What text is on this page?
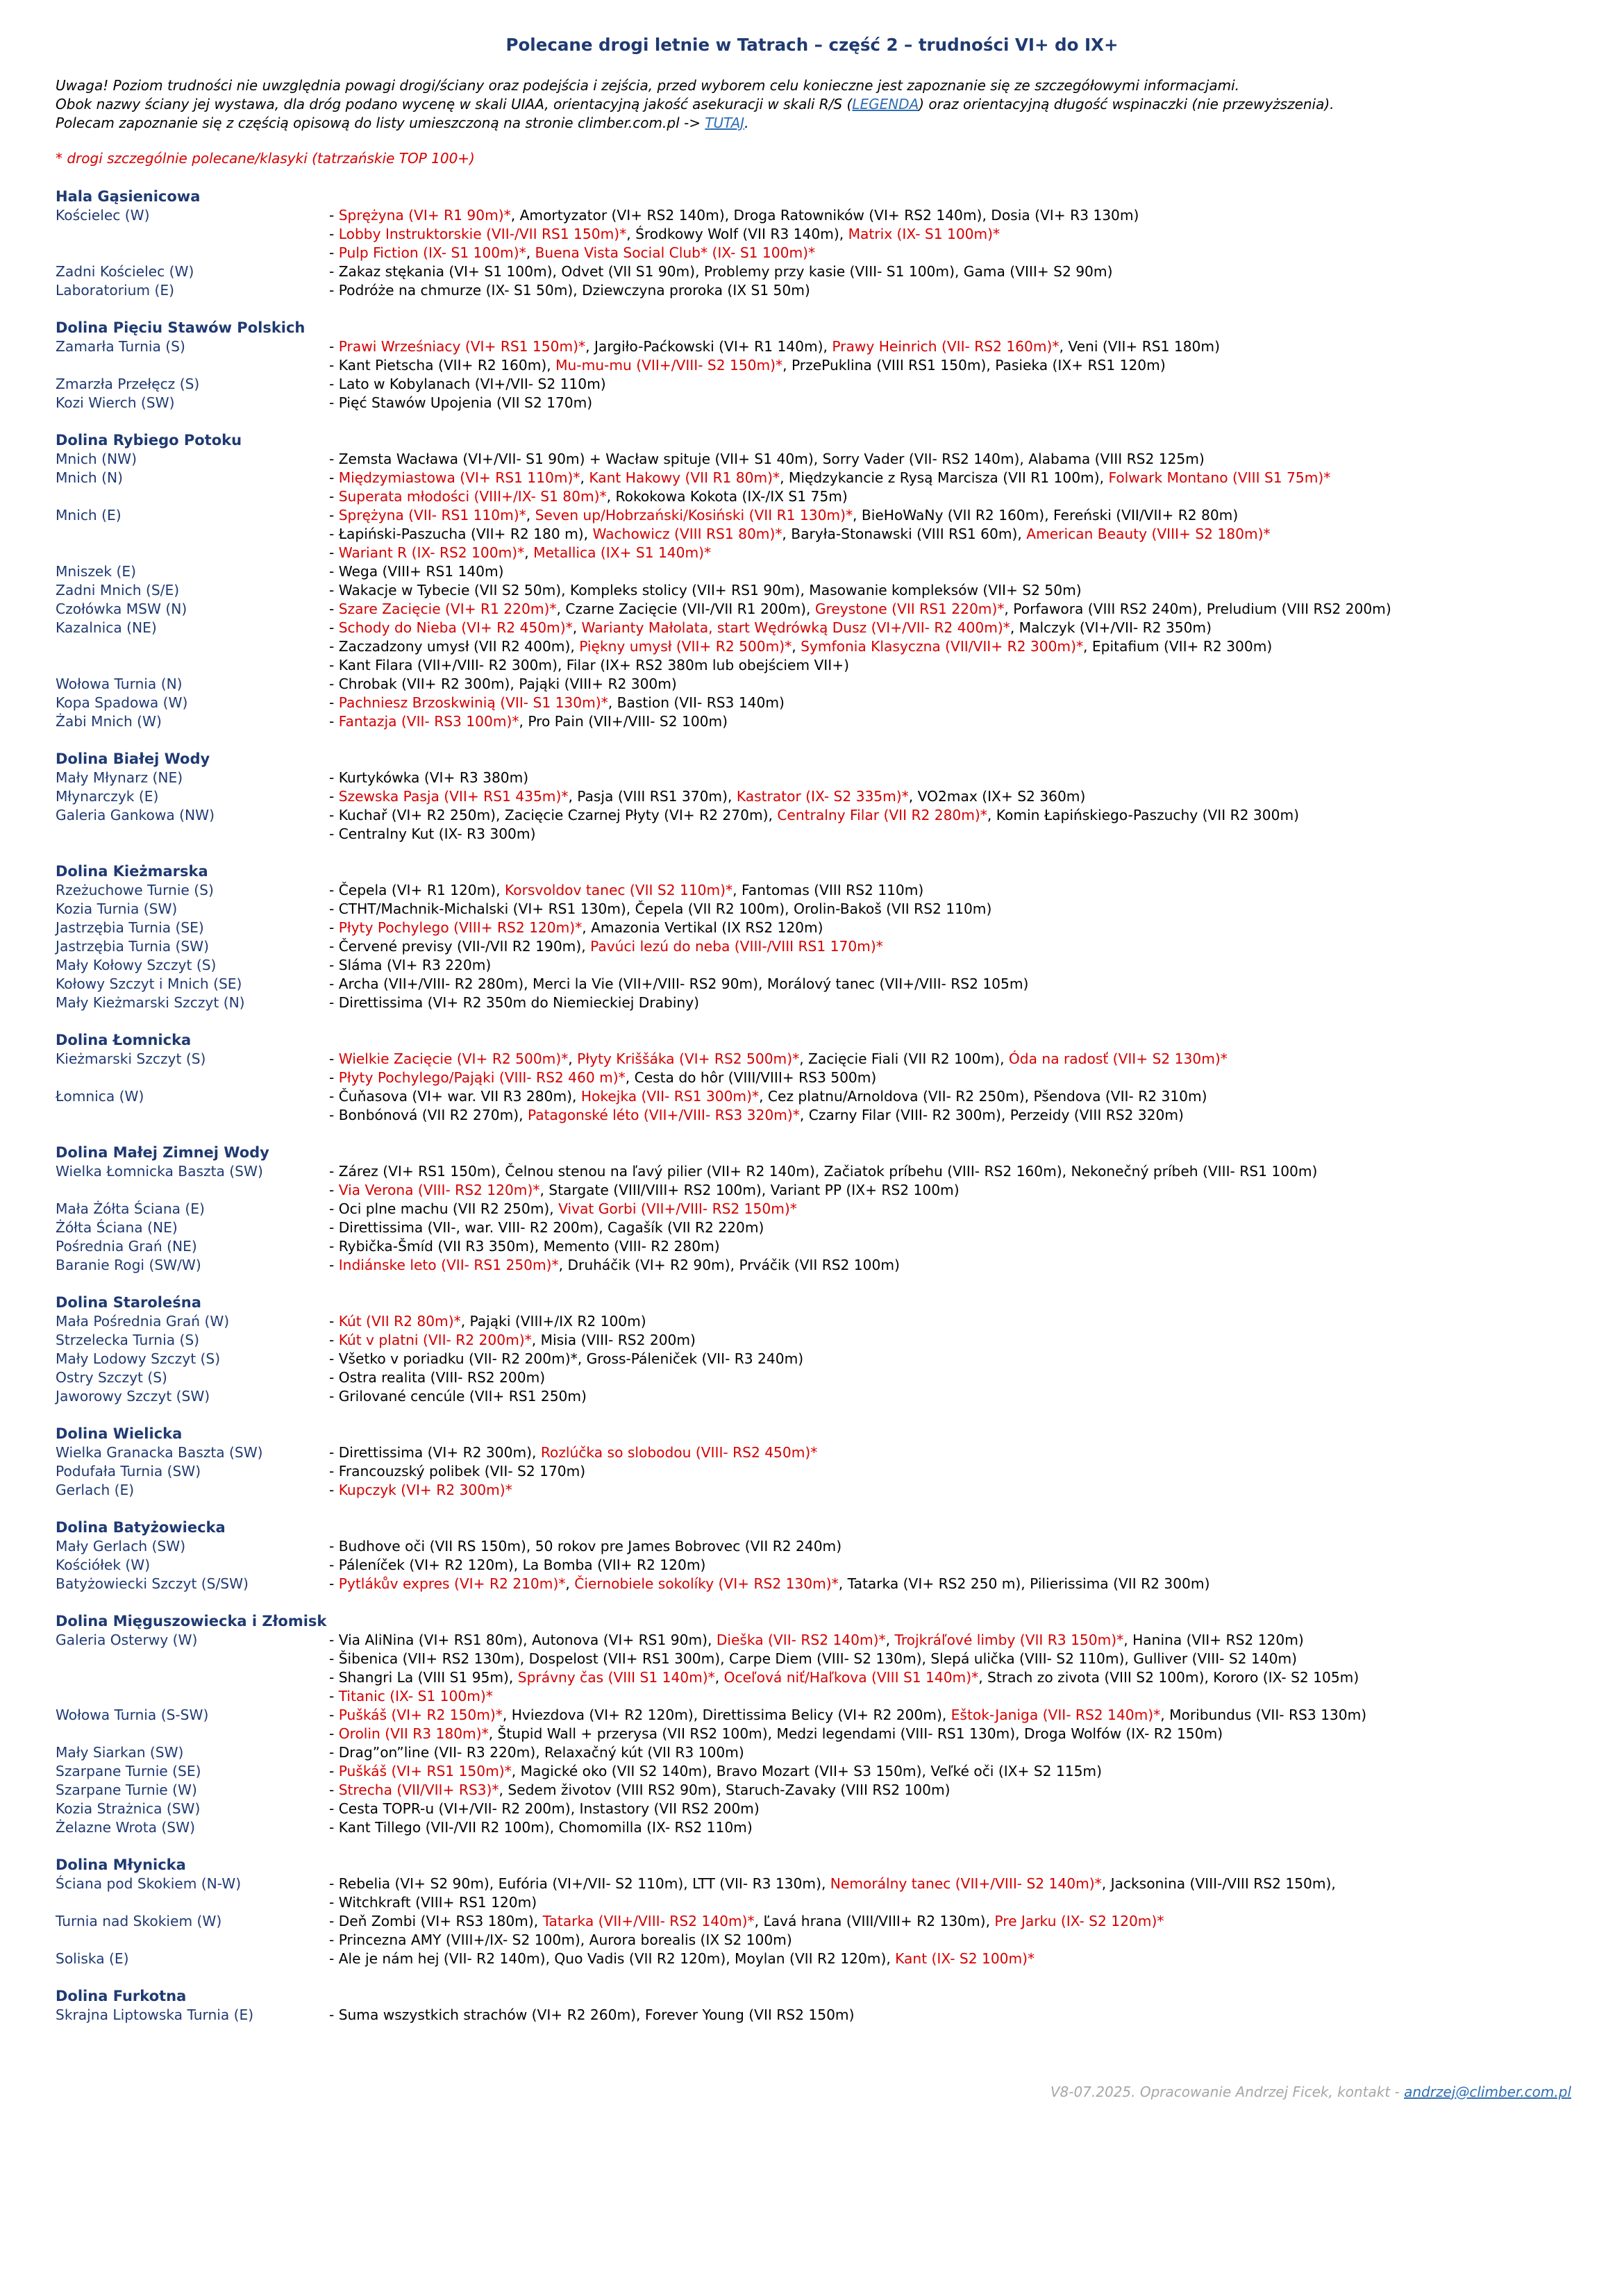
Polecane drogi letnie w Tatrach – część 2 – trudności VI+ do IX+
Uwaga! Poziom trudności nie uwzględnia powagi drogi/ściany oraz podejścia i zejścia, przed wyborem celu konieczne jest zapoznanie się ze szczegółowymi informacjami.
Obok nazwy ściany jej wystawa, dla dróg podano wycenę w skali UIAA, orientacyjną jakość asekuracji w skali R/S (LEGENDA) oraz orientacyjną długość wspinaczki (nie przewyższenia).
Polecam zapoznanie się z częścią opisową do listy umieszczoną na stronie climber.com.pl -> TUTAJ.
* drogi szczególnie polecane/klasyki (tatrzańskie TOP 100+)
Hala Gąsienicowa
Kościelec (W)	- Sprężyna (VI+ R1 90m)*, Amortyzator (VI+ RS2 140m), Droga Ratowników (VI+ RS2 140m), Dosia (VI+ R3 130m)
- Lobby Instruktorskie (VII-/VII RS1 150m)*, Środkowy Wolf (VII R3 140m), Matrix (IX- S1 100m)*
- Pulp Fiction (IX- S1 100m)*, Buena Vista Social Club* (IX- S1 100m)*
Zadni Kościelec (W)	- Zakaz stękania (VI+ S1 100m), Odvet (VII S1 90m), Problemy przy kasie (VIII- S1 100m), Gama (VIII+ S2 90m)
Laboratorium (E)	- Podróże na chmurze (IX- S1 50m), Dziewczyna proroka (IX S1 50m)
Dolina Pięciu Stawów Polskich
Zamarła Turnia (S)	- Prawi Wrześniacy (VI+ RS1 150m)*, Jargiło-Paćkowski (VI+ R1 140m), Prawy Heinrich (VII- RS2 160m)*, Veni (VII+ RS1 180m)
- Kant Pietscha (VII+ R2 160m), Mu-mu-mu (VII+/VIII- S2 150m)*, PrzePuklina (VIII RS1 150m), Pasieka (IX+ RS1 120m)
Zmarzła Przełęcz (S)	- Lato w Kobylanach (VI+/VII- S2 110m)
Kozi Wierch (SW)	- Pięć Stawów Upojenia (VII S2 170m)
Dolina Rybiego Potoku
Mnich (NW)	- Zemsta Wacława (VI+/VII- S1 90m) + Wacław spituje (VII+ S1 40m), Sorry Vader (VII- RS2 140m), Alabama (VIII RS2 125m)
Mnich (N)	- Międzymiastowa (VI+ RS1 110m)*, Kant Hakowy (VII R1 80m)*, Międzykancie z Rysą Marcisza (VII R1 100m), Folwark Montano (VIII S1 75m)*
- Superata młodości (VIII+/IX- S1 80m)*, Rokokowa Kokota (IX-/IX S1 75m)
Mnich (E)	- Sprężyna (VII- RS1 110m)*, Seven up/Hobrzański/Kosiński (VII R1 130m)*, BieHoWaNy (VII R2 160m), Fereński (VII/VII+ R2 80m)
- Łapiński-Paszucha (VII+ R2 180 m), Wachowicz (VIII RS1 80m)*, Baryła-Stonawski (VIII RS1 60m), American Beauty (VIII+ S2 180m)*
- Wariant R (IX- RS2 100m)*, Metallica (IX+ S1 140m)*
Mniszek (E)	- Wega (VIII+ RS1 140m)
Zadni Mnich (S/E)	- Wakacje w Tybecie (VII S2 50m), Kompleks stolicy (VII+ RS1 90m), Masowanie kompleksów (VII+ S2 50m)
Czołówka MSW (N)	- Szare Zacięcie (VI+ R1 220m)*, Czarne Zacięcie (VII-/VII R1 200m), Greystone (VII RS1 220m)*, Porfawora (VIII RS2 240m), Preludium (VIII RS2 200m)
Kazalnica (NE)	- Schody do Nieba (VI+ R2 450m)*, Warianty Małolata, start Wędrówką Dusz (VI+/VII- R2 400m)*, Malczyk (VI+/VII- R2 350m)
- Zaczadzony umysł (VII R2 400m), Piękny umysł (VII+ R2 500m)*, Symfonia Klasyczna (VII/VII+ R2 300m)*, Epitafium (VII+ R2 300m)
- Kant Filara (VII+/VIII- R2 300m), Filar (IX+ RS2 380m lub obejściem VII+)
Wołowa Turnia (N)	- Chrobak (VII+ R2 300m), Pająki (VIII+ R2 300m)
Kopa Spadowa (W)	- Pachniesz Brzoskwinią (VII- S1 130m)*, Bastion (VII- RS3 140m)
Żabi Mnich (W)	- Fantazja (VII- RS3 100m)*, Pro Pain (VII+/VIII- S2 100m)
Dolina Białej Wody
Mały Młynarz (NE)	- Kurtykówka (VI+ R3 380m)
Młynarczyk (E)	- Szewska Pasja (VII+ RS1 435m)*, Pasja (VIII RS1 370m), Kastrator (IX- S2 335m)*, VO2max (IX+ S2 360m)
Galeria Gankowa (NW)	- Kuchař (VI+ R2 250m), Zacięcie Czarnej Płyty (VI+ R2 270m), Centralny Filar (VII R2 280m)*, Komin Łapińskiego-Paszuchy (VII R2 300m)
- Centralny Kut (IX- R3 300m)
Dolina Kieżmarska
Rzeżuchowe Turnie (S)	- Čepela (VI+ R1 120m), Korsvoldov tanec (VII S2 110m)*, Fantomas (VIII RS2 110m)
Kozia Turnia (SW)	- CTHT/Machnik-Michalski (VI+ RS1 130m), Čepela (VII R2 100m), Orolin-Bakoš (VII RS2 110m)
Jastrzębia Turnia (SE)	- Płyty Pochylego (VIII+ RS2 120m)*, Amazonia Vertikal (IX RS2 120m)
Jastrzębia Turnia (SW)	- Červené previsy (VII-/VII R2 190m), Pavúci lezú do neba (VIII-/VIII RS1 170m)*
Mały Kołowy Szczyt (S)	- Sláma (VI+ R3 220m)
Kołowy Szczyt i Mnich (SE)	- Archa (VII+/VIII- R2 280m), Merci la Vie (VII+/VIII- RS2 90m), Morálový tanec (VII+/VIII- RS2 105m)
Mały Kieżmarski Szczyt (N)	- Direttissima (VI+ R2 350m do Niemieckiej Drabiny)
Dolina Łomnicka
Kieżmarski Szczyt (S)	- Wielkie Zacięcie (VI+ R2 500m)*, Płyty Kriššáka (VI+ RS2 500m)*, Zacięcie Fiali (VII R2 100m), Óda na radosť (VII+ S2 130m)*
- Płyty Pochylego/Pająki (VIII- RS2 460 m)*, Cesta do hôr (VIII/VIII+ RS3 500m)
Łomnica (W)	- Čuňasova (VI+ war. VII R3 280m), Hokejka (VII- RS1 300m)*, Cez platnu/Arnoldova (VII- R2 250m), Pšendova (VII- R2 310m)
- Bonbónová (VII R2 270m), Patagonské léto (VII+/VIII- RS3 320m)*, Czarny Filar (VIII- R2 300m), Perzeidy (VIII RS2 320m)
Dolina Małej Zimnej Wody
Wielka Łomnicka Baszta (SW)	- Zárez (VI+ RS1 150m), Čelnou stenou na ľavý pilier (VII+ R2 140m), Začiatok príbehu (VIII- RS2 160m), Nekonečný príbeh (VIII- RS1 100m)
- Via Verona (VIII- RS2 120m)*, Stargate (VIII/VIII+ RS2 100m), Variant PP (IX+ RS2 100m)
Mała Żółta Ściana (E)	- Oci plne machu (VII R2 250m), Vivat Gorbi (VII+/VIII- RS2 150m)*
Żółta Ściana (NE)	- Direttissima (VII-, war. VIII- R2 200m), Cagašík (VII R2 220m)
Pośrednia Grań (NE)	- Rybička-Šmíd (VII R3 350m), Memento (VIII- R2 280m)
Baranie Rogi (SW/W)	- Indiánske leto (VII- RS1 250m)*, Druháčik (VI+ R2 90m), Prváčik (VII RS2 100m)
Dolina Staroleśna
Mała Pośrednia Grań (W)	- Kút (VII R2 80m)*, Pająki (VIII+/IX R2 100m)
Strzelecka Turnia (S)	- Kút v platni (VII- R2 200m)*, Misia (VIII- RS2 200m)
Mały Lodowy Szczyt (S)	- Všetko v poriadku (VII- R2 200m)*, Gross-Páleniček (VII- R3 240m)
Ostry Szczyt (S)	- Ostra realita (VIII- RS2 200m)
Jaworowy Szczyt (SW)	- Grilované cencúle (VII+ RS1 250m)
Dolina Wielicka
Wielka Granacka Baszta (SW)	- Direttissima (VI+ R2 300m), Rozlúčka so slobodou (VIII- RS2 450m)*
Podufała Turnia (SW)	- Francouzský polibek (VII- S2 170m)
Gerlach (E)	- Kupczyk (VI+ R2 300m)*
Dolina Batyżowiecka
Mały Gerlach (SW)	- Budhove oči (VII RS 150m), 50 rokov pre James Bobrovec (VII R2 240m)
Kościółek (W)	- Páleníček (VI+ R2 120m), La Bomba (VII+ R2 120m)
Batyżowiecki Szczyt (S/SW)	- Pytlákův expres (VI+ R2 210m)*, Čiernobiele sokolíky (VI+ RS2 130m)*, Tatarka (VI+ RS2 250 m), Pilierissima (VII R2 300m)
Dolina Mięguszowiecka i Złomisk
Galeria Osterwy (W)	- Via AliNina (VI+ RS1 80m), Autonova (VI+ RS1 90m), Dieška (VII- RS2 140m)*, Trojkráľové limby (VII R3 150m)*, Hanina (VII+ RS2 120m)
- Šibenica (VII+ RS2 130m), Dospelost (VII+ RS1 300m), Carpe Diem (VIII- S2 130m), Slepá ulička (VIII- S2 110m), Gulliver (VIII- S2 140m)
- Shangri La (VIII S1 95m), Správny čas (VIII S1 140m)*, Oceľová niť/Haľkova (VIII S1 140m)*, Strach zo zivota (VIII S2 100m), Kororo (IX- S2 105m)
- Titanic (IX- S1 100m)*
Wołowa Turnia (S-SW)	- Puškáš (VI+ R2 150m)*, Hviezdova (VI+ R2 120m), Direttissima Belicy (VI+ R2 200m), Eštok-Janiga (VII- RS2 140m)*, Moribundus (VII- RS3 130m)
- Orolin (VII R3 180m)*, Štupid Wall + przerysa (VII RS2 100m), Medzi legendami (VIII- RS1 130m), Droga Wolfów (IX- R2 150m)
Mały Siarkan (SW)	- Drag”on”line (VII- R3 220m), Relaxačný kút (VII R3 100m)
Szarpane Turnie (SE)	- Puškáš (VI+ RS1 150m)*, Magické oko (VII S2 140m), Bravo Mozart (VII+ S3 150m), Veľké oči (IX+ S2 115m)
Szarpane Turnie (W)	- Strecha (VII/VII+ RS3)*, Sedem životov (VIII RS2 90m), Staruch-Zavaky (VIII RS2 100m)
Kozia Strażnica (SW)	- Cesta TOPR-u (VI+/VII- R2 200m), Instastory (VII RS2 200m)
Żelazne Wrota (SW)	- Kant Tillego (VII-/VII R2 100m), Chomomilla (IX- RS2 110m)
Dolina Młynicka
Ściana pod Skokiem (N-W)	- Rebelia (VI+ S2 90m), Eufória (VI+/VII- S2 110m), LTT (VII- R3 130m), Nemorálny tanec (VII+/VIII- S2 140m)*, Jacksonina (VIII-/VIII RS2 150m),
- Witchkraft (VIII+ RS1 120m)
Turnia nad Skokiem (W)	- Deň Zombi (VI+ RS3 180m), Tatarka (VII+/VIII- RS2 140m)*, Ľavá hrana (VIII/VIII+ R2 130m), Pre Jarku (IX- S2 120m)*
- Princezna AMY (VIII+/IX- S2 100m), Aurora borealis (IX S2 100m)
Soliska (E)	- Ale je nám hej (VII- R2 140m), Quo Vadis (VII R2 120m), Moylan (VII R2 120m), Kant (IX- S2 100m)*
Dolina Furkotna
Skrajna Liptowska Turnia (E)	- Suma wszystkich strachów (VI+ R2 260m), Forever Young (VII RS2 150m)
V8-07.2025. Opracowanie Andrzej Ficek, kontakt - andrzej@climber.com.pl
